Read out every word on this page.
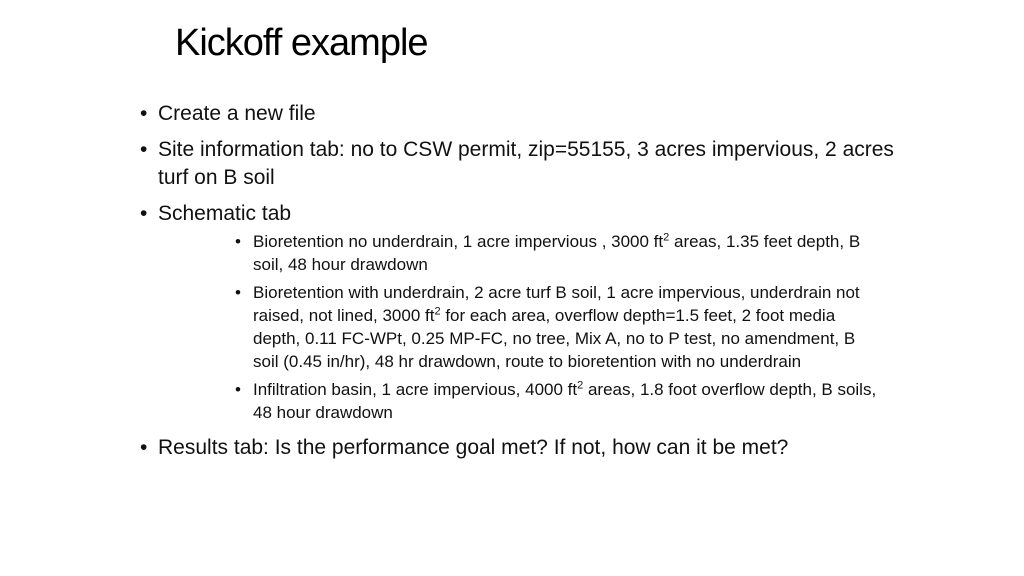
Kickoff example
• Create a new file
• Site information tab: no to CSW permit, zip=55155, 3 acres impervious, 2 acres turf on B soil
• Schematic tab
• Bioretention no underdrain, 1 acre impervious , 3000 $ft^2$ areas, 1.35 feet depth, B soil, 48 hour drawdown
• Bioretention with underdrain, 2 acre turf B soil, 1 acre impervious, underdrain not raised, not lined, 3000 $ft^2$ for each area, overflow depth=1.5 feet, 2 foot media depth, 0.11 FC-WPt, 0.25 MP-FC, no tree, Mix A, no to P test, no amendment, B soil (0.45 in/hr), 48 hr drawdown, route to bioretention with no underdrain
• Infiltration basin, 1 acre impervious, 4000 $ft^2$ areas, 1.8 foot overflow depth, B soils, 48 hour drawdown
• Results tab: Is the performance goal met? If not, how can it be met?
